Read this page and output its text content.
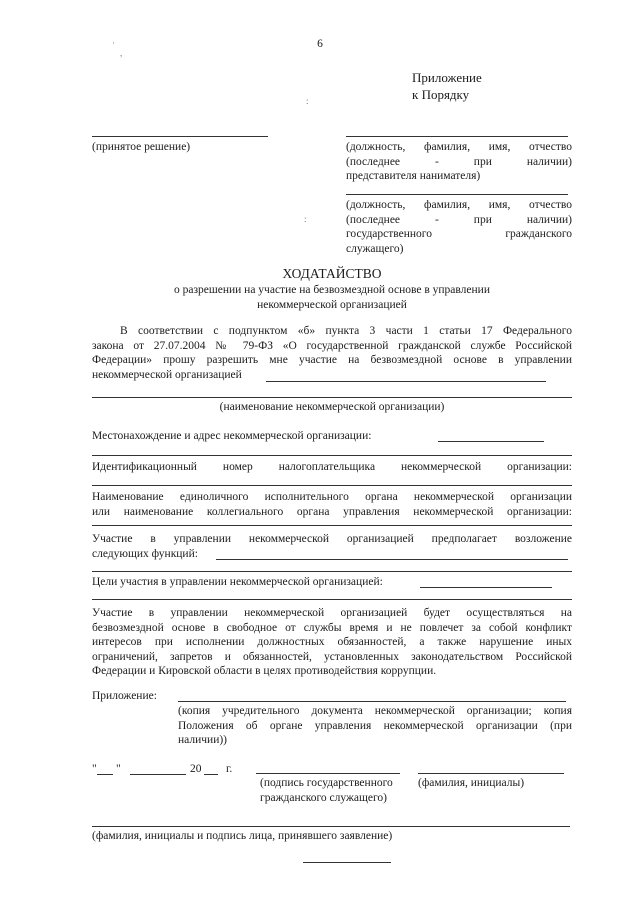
6
·
,
:
:
Приложение
к Порядку
(принятое решение)	(должность, фамилия, имя, отчество
(последнее - при наличии)
представителя нанимателя)
(должность, фамилия, имя, отчество
(последнее - при наличии)
государственного гражданского
служащего)
ХОДАТАЙСТВО
о разрешении на участие на безвозмездной основе в управлении
некоммерческой организацией
В соответствии с подпунктом «б» пункта 3 части 1 статьи 17 Федерального
закона от 27.07.2004 № 79-ФЗ «О государственной гражданской службе Российской
Федерации» прошу разрешить мне участие на безвозмездной основе в управлении
некоммерческой организацией
(наименование некоммерческой организации)
Местонахождение и адрес некоммерческой организации:
Идентификационный номер налогоплательщика некоммерческой организации:
Наименование единоличного исполнительного органа некоммерческой организации
или наименование коллегиального органа управления некоммерческой организации:
Участие в управлении некоммерческой организацией предполагает возложение
следующих функций:
Цели участия в управлении некоммерческой организацией:
Участие в управлении некоммерческой организацией будет осуществляться на
безвозмездной основе в свободное от службы время и не повлечет за собой конфликт
интересов при исполнении должностных обязанностей, а также нарушение иных
ограничений, запретов и обязанностей, установленных законодательством Российской
Федерации и Кировской области в целях противодействия коррупции.
Приложение:
(копия учредительного документа некоммерческой организации; копия
Положения об органе управления некоммерческой организации (при
наличии))
" "	20 г.
(подпись государственного
гражданского служащего)
(фамилия, инициалы)
(фамилия, инициалы и подпись лица, принявшего заявление)
